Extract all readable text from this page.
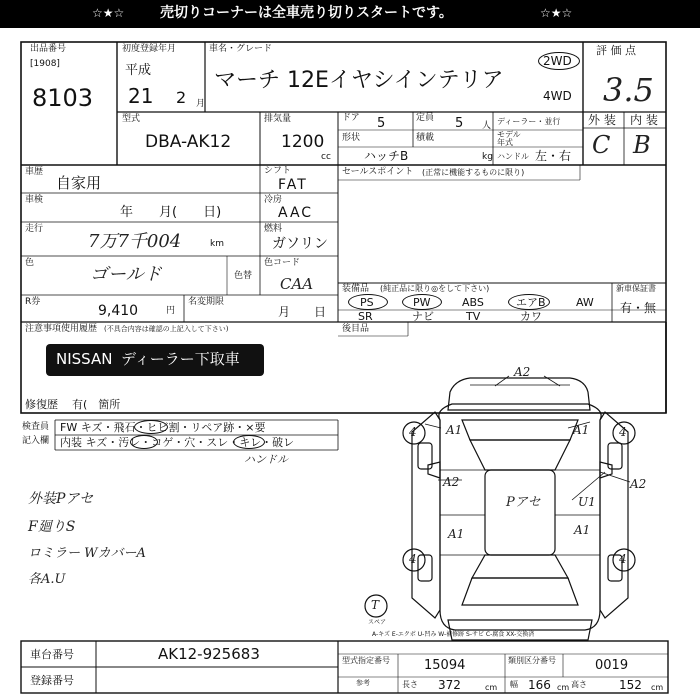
☆★☆	売切りコーナーは全車売り切りスタートです。	☆★☆
出品番号
[1908]
8103
初度登録年月
平成
21 2 月
車名・グレード
マーチ 12Eイヤシインテリア
2WD
4WD
評 価 点
3.5
型式
DBA-AK12
排気量
1200
cc
ドア 5	定員 5 人 ディーラー・並行
形状
ハッチB
積載
kg
モデル年式
ハンドル 左・右
外 装 内 装
C B
車歴
自家用
シフト
FAT
車検
年　　月(　　日)
冷房
AAC
走行
7万7千004	km
燃料
ガソリン
色
ゴールド	色替
色コード
CAA
R券
9,410	円
名変期限
月　　日
注意事項使用履歴 (不具合内容は確認の上記入して下さい)
NISSAN ディーラー下取車
修復歴 有(　箇所
セールスポイント (正常に機能するものに限り)
装備品 (純正品に限り◎をして下さい)	新車保証書
有・無
PS	PW	ABS	エアB	AW
SR	ナビ	TV	カワ
後目品
検査員
記入欄
FW キズ・飛石・ヒビ割・リペア跡・×要
内装 キズ・汚レ・コゲ・穴・スレ・キレ・破レ
ハンドル
外装Pアセ
F廻りS
ロミラー WカバーA
各A.U
A2
A1
A1
A2
A2
Pアセ	U1
A1	A1
4	4
4	4
T
スペア
A-キズ E-エクボ U-凹み W-補修跡 S-サビ C-腐食 XX-交換済
車台番号	AK12-925683
登録番号
型式指定番号	15094	類別区分番号	0019
参考	長さ 372	cm 幅 166 cm 高さ	152 cm
